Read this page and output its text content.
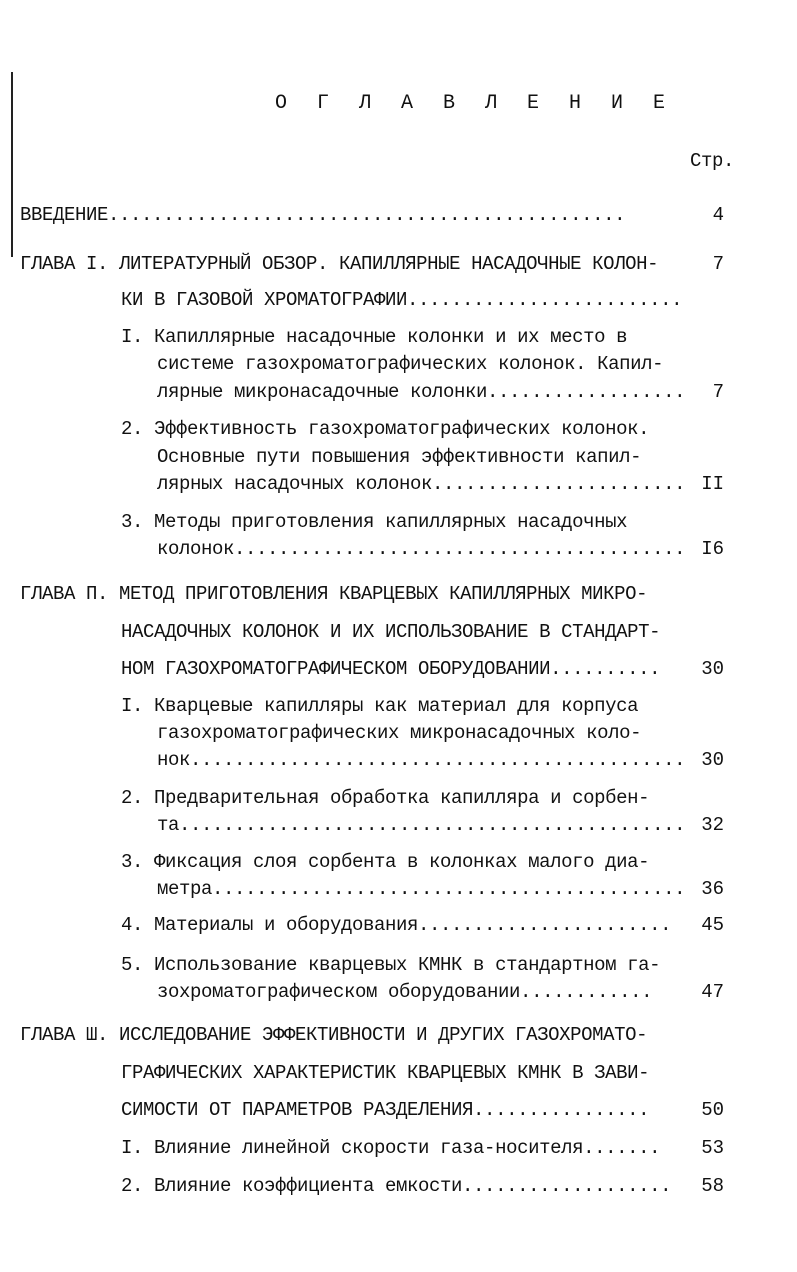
О Г Л А В Л Е Н И Е
Стр.
ВВЕДЕНИЕ...............................................	4
ГЛАВА I. ЛИТЕРАТУРНЫЙ ОБЗОР. КАПИЛЛЯРНЫЕ НАСАДОЧНЫЕ КОЛОН-	7
КИ В ГАЗОВОЙ ХРОМАТОГРАФИИ.........................
I. Капиллярные насадочные колонки и их место в
системе газохроматографических колонок. Капил-
лярные микронасадочные колонки.................. 7
2. Эффективность газохроматографических колонок.
Основные пути повышения эффективности капил-
лярных насадочных колонок....................... II
3. Методы приготовления капиллярных насадочных
колонок......................................... I6
ГЛАВА П. МЕТОД ПРИГОТОВЛЕНИЯ КВАРЦЕВЫХ КАПИЛЛЯРНЫХ МИКРО-
НАСАДОЧНЫХ КОЛОНОК И ИХ ИСПОЛЬЗОВАНИЕ В СТАНДАРТ-
НОМ ГАЗОХРОМАТОГРАФИЧЕСКОМ ОБОРУДОВАНИИ.......... 30
I. Кварцевые капилляры как материал для корпуса
газохроматографических микронасадочных коло-
нок............................................. 30
2. Предварительная обработка капилляра и сорбен-
та.............................................. 32
3. Фиксация слоя сорбента в колонках малого диа-
метра........................................... 36
4. Материалы и оборудования....................... 45
5. Использование кварцевых КМНК в стандартном га-
зохроматографическом оборудовании............	47
ГЛАВА Ш. ИССЛЕДОВАНИЕ ЭФФЕКТИВНОСТИ И ДРУГИХ ГАЗОХРОМАТО-
ГРАФИЧЕСКИХ ХАРАКТЕРИСТИК КВАРЦЕВЫХ КМНК В ЗАВИ-
СИМОСТИ ОТ ПАРАМЕТРОВ РАЗДЕЛЕНИЯ................	50
I. Влияние линейной скорости газа-носителя....... 53
2. Влияние коэффициента емкости................... 58
